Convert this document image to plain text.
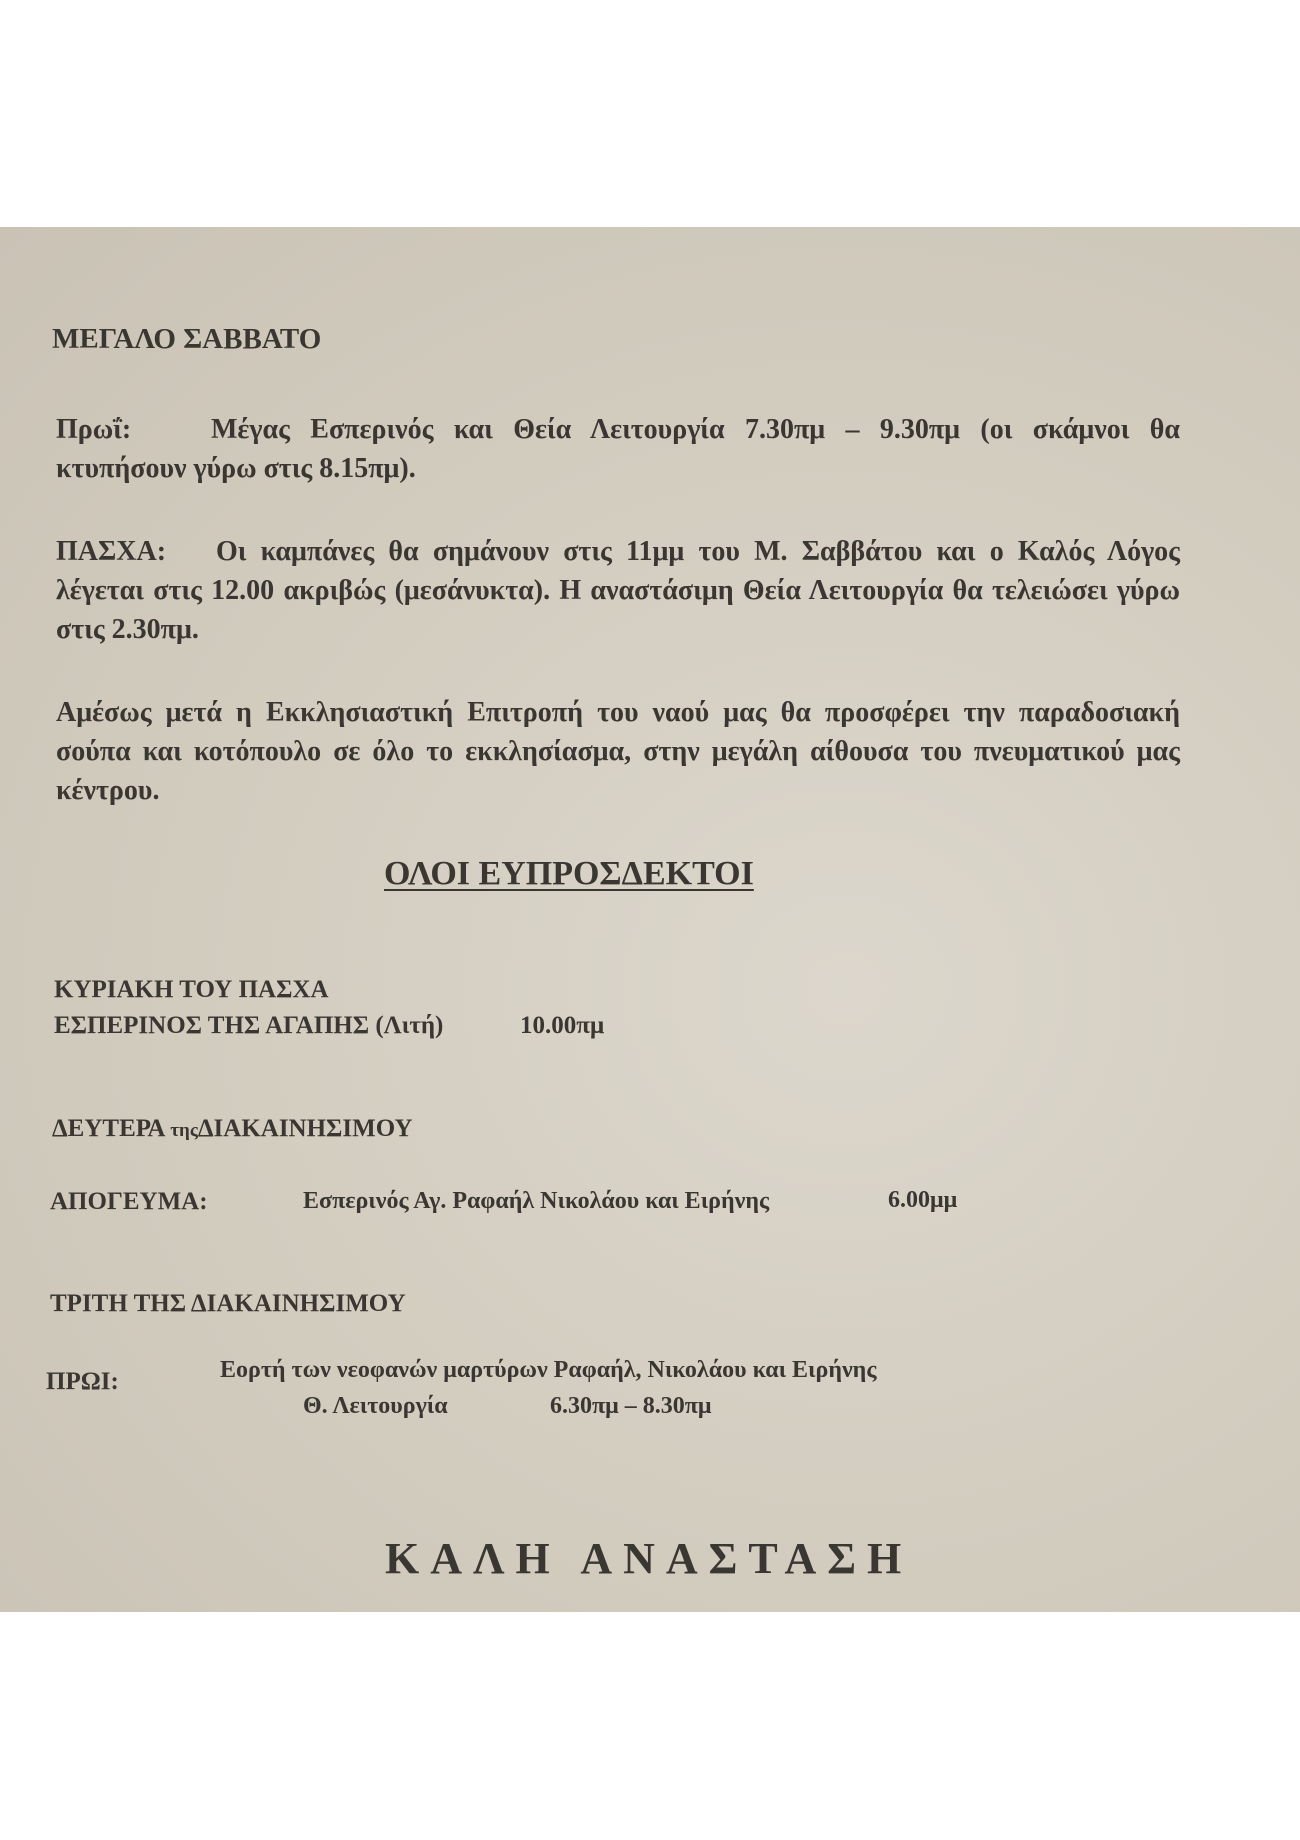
ΜΕΓΑΛΟ ΣΑΒΒΑΤΟ
Πρωΐ:	Μέγας Εσπερινός και Θεία Λειτουργία 7.30πμ – 9.30πμ (οι σκάμνοι θα κτυπήσουν γύρω στις 8.15πμ).
ΠΑΣΧΑ: Οι καμπάνες θα σημάνουν στις 11μμ του Μ. Σαββάτου και ο Καλός Λόγος λέγεται στις 12.00 ακριβώς (μεσάνυκτα). Η αναστάσιμη Θεία Λειτουργία θα τελειώσει γύρω στις 2.30πμ.
Αμέσως μετά η Εκκλησιαστική Επιτροπή του ναού μας θα προσφέρει την παραδοσιακή σούπα και κοτόπουλο σε όλο το εκκλησίασμα, στην μεγάλη αίθουσα του πνευματικού μας κέντρου.
ΟΛΟΙ ΕΥΠΡΟΣΔΕΚΤΟΙ
ΚΥΡΙΑΚΗ ΤΟΥ ΠΑΣΧΑ
ΕΣΠΕΡΙΝΟΣ ΤΗΣ ΑΓΑΠΗΣ (Λιτή)	10.00πμ
ΔΕΥΤΕΡΑ τηςΔΙΑΚΑΙΝΗΣΙΜΟΥ
ΑΠΟΓΕΥΜΑ:	Εσπερινός Αγ. Ραφαήλ Νικολάου και Ειρήνης	6.00μμ
ΤΡΙΤΗ ΤΗΣ ΔΙΑΚΑΙΝΗΣΙΜΟΥ
ΠΡΩΙ:	Εορτή των νεοφανών μαρτύρων Ραφαήλ, Νικολάου και Ειρήνης
Θ. Λειτουργία	6.30πμ – 8.30πμ
ΚΑΛΗ ΑΝΑΣΤΑΣΗ
